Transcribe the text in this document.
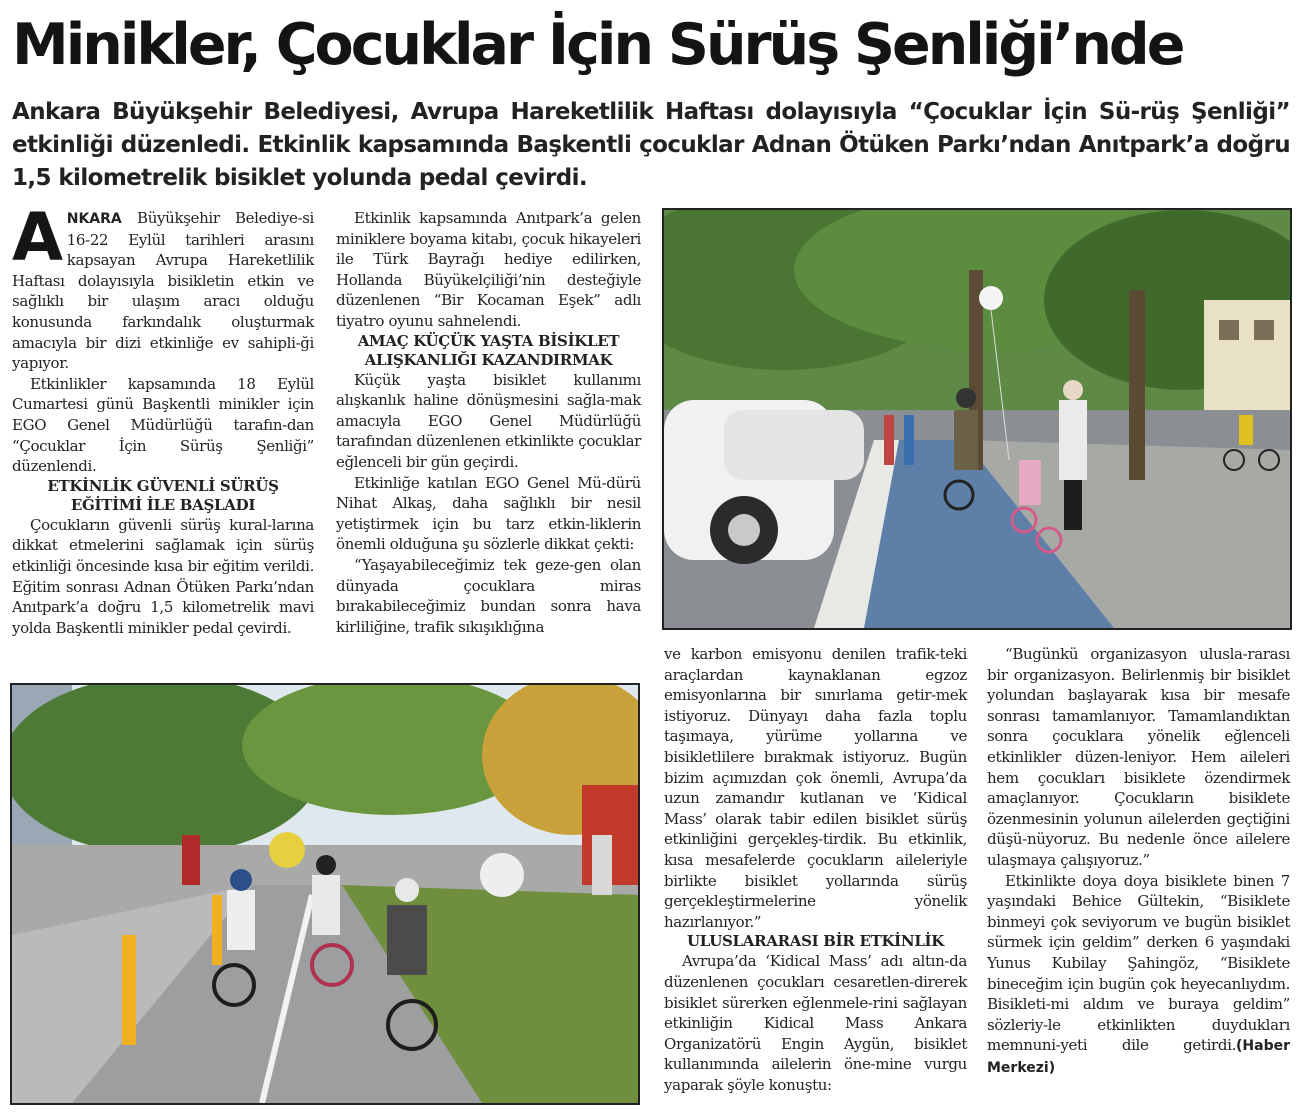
Minikler, Çocuklar İçin Sürüş Şenliği’nde

Ankara Büyükşehir Belediyesi, Avrupa Hareketlilik Haftası dolayısıyla “Çocuklar İçin Sü-rüş Şenliği” etkinliği düzenledi. Etkinlik kapsamında Başkentli çocuklar Adnan Ötüken Parkı’ndan Anıtpark’a doğru 1,5 kilometrelik bisiklet yolunda pedal çevirdi.

ANKARA Büyükşehir Belediye-si 16-22 Eylül tarihleri arasını kapsayan Avrupa Hareketlilik Haftası dolayısıyla bisikletin etkin ve sağlıklı bir ulaşım aracı olduğu konusunda farkındalık oluşturmak amacıyla bir dizi etkinliğe ev sahipli-ği yapıyor.

Etkinlikler kapsamında 18 Eylül Cumartesi günü Başkentli minikler için EGO Genel Müdürlüğü tarafın-dan “Çocuklar İçin Sürüş Şenliği” düzenlendi.

ETKİNLİK GÜVENLİ SÜRÜŞ EĞİTİMİ İLE BAŞLADI

Çocukların güvenli sürüş kural-larına dikkat etmelerini sağlamak için sürüş etkinliği öncesinde kısa bir eğitim verildi. Eğitim sonrası Adnan Ötüken Parkı’ndan Anıtpark’a doğru 1,5 kilometrelik mavi yolda Başkentli minikler pedal çevirdi.

Etkinlik kapsamında Anıtpark’a gelen miniklere boyama kitabı, çocuk hikayeleri ile Türk Bayrağı hediye edilirken, Hollanda Büyükelçiliği’nin desteğiyle düzenlenen “Bir Kocaman Eşek” adlı tiyatro oyunu sahnelendi.

AMAÇ KÜÇÜK YAŞTA BİSİKLET ALIŞKANLIĞI KAZANDIRMAK

Küçük yaşta bisiklet kullanımı alışkanlık haline dönüşmesini sağla-mak amacıyla EGO Genel Müdürlüğü tarafından düzenlenen etkinlikte çocuklar eğlenceli bir gün geçirdi.

Etkinliğe katılan EGO Genel Mü-dürü Nihat Alkaş, daha sağlıklı bir nesil yetiştirmek için bu tarz etkin-liklerin önemli olduğuna şu sözlerle dikkat çekti:

“Yaşayabileceğimiz tek geze-gen olan dünyada çocuklara miras bırakabileceğimiz bundan sonra hava kirliliğine, trafik sıkışıklığına

ve karbon emisyonu denilen trafik-teki araçlardan kaynaklanan egzoz emisyonlarına bir sınırlama getir-mek istiyoruz. Dünyayı daha fazla toplu taşımaya, yürüme yollarına ve bisikletlilere bırakmak istiyoruz. Bugün bizim açımızdan çok önemli, Avrupa’da uzun zamandır kutlanan ve ‘Kidical Mass’ olarak tabir edilen bisiklet sürüş etkinliğini gerçekleş-tirdik. Bu etkinlik, kısa mesafelerde çocukların aileleriyle birlikte bisiklet yollarında sürüş gerçekleştirmelerine yönelik hazırlanıyor.”

ULUSLARARASI BİR ETKİNLİK

Avrupa’da ‘Kidical Mass’ adı altın-da düzenlenen çocukları cesaretlen-direrek bisiklet sürerken eğlenmele-rini sağlayan etkinliğin Kidical Mass Ankara Organizatörü Engin Aygün, bisiklet kullanımında ailelerin öne-mine vurgu yaparak şöyle konuştu:

“Bugünkü organizasyon ulusla-rarası bir organizasyon. Belirlenmiş bir bisiklet yolundan başlayarak kısa bir mesafe sonrası tamamlanıyor. Tamamlandıktan sonra çocuklara yönelik eğlenceli etkinlikler düzen-leniyor. Hem aileleri hem çocukları bisiklete özendirmek amaçlanıyor. Çocukların bisiklete özenmesinin yolunun ailelerden geçtiğini düşü-nüyoruz. Bu nedenle önce ailelere ulaşmaya çalışıyoruz.”

Etkinlikte doya doya bisiklete binen 7 yaşındaki Behice Gültekin, “Bisiklete binmeyi çok seviyorum ve bugün bisiklet sürmek için geldim” derken 6 yaşındaki Yunus Kubilay Şahingöz, “Bisiklete bineceğim için bugün çok heyecanlıydım. Bisikleti-mi aldım ve buraya geldim” sözleriy-le etkinlikten duydukları memnuni-yeti dile getirdi.(Haber Merkezi)
